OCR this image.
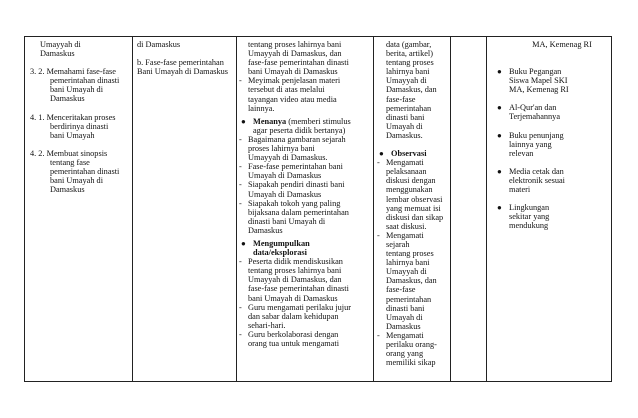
Umayyah di

Damaskus

3. 2. Memahami fase-fase

pemerintahan dinasti

bani Umayah di

Damaskus

4. 1. Menceritakan proses

berdirinya dinasti

bani Umayah

4. 2. Membuat sinopsis

tentang fase

pemerintahan dinasti

bani Umayah di

Damaskus

di Damaskus

b. Fase-fase pemerintahan

Bani Umayah di Damaskus

tentang proses lahirnya bani

Umayyah di Damaskus, dan

fase-fase pemerintahan dinasti

bani Umayah di Damaskus

- Meyimak penjelasan materi

tersebut di atas melalui

tayangan video atau media

lainnya.

● Menanya (memberi stimulus

agar peserta didik bertanya)

- Bagaimana gambaran sejarah

proses lahirnya bani

Umayyah di Damaskus.

- Fase-fase pemerintahan bani

Umayah di Damaskus

- Siapakah pendiri dinasti bani

Umayah di Damaskus

- Siapakah tokoh yang paling

bijaksana dalam pemerintahan

dinasti bani Umayah di

Damaskus

● Mengumpulkan

data/eksplorasi

- Peserta didik mendiskusikan

tentang proses lahirnya bani

Umayyah di Damaskus, dan

fase-fase pemerintahan dinasti

bani Umayah di Damaskus

- Guru mengamati perilaku jujur

dan sabar dalam kehidupan

sehari-hari.

- Guru berkolaborasi dengan

orang tua untuk mengamati

data (gambar,

berita, artikel)

tentang proses

lahirnya bani

Umayyah di

Damaskus, dan

fase-fase

pemerintahan

dinasti bani

Umayah di

Damaskus.

● Observasi

- Mengamati

pelaksanaan

diskusi dengan

menggunakan

lembar observasi

yang memuat isi

diskusi dan sikap

saat diskusi.

- Mengamati sejarah

tentang proses

lahirnya bani

Umayyah di

Damaskus, dan

fase-fase

pemerintahan

dinasti bani

Umayah di

Damaskus

- Mengamati

perilaku orang-

orang yang

memiliki sikap

MA, Kemenag RI

● Buku Pegangan

Siswa Mapel SKI

MA, Kemenag RI

● Al-Qur'an dan

Terjemahannya

● Buku penunjang

lainnya yang

relevan

● Media cetak dan

elektronik sesuai

materi

● Lingkungan

sekitar yang

mendukung
